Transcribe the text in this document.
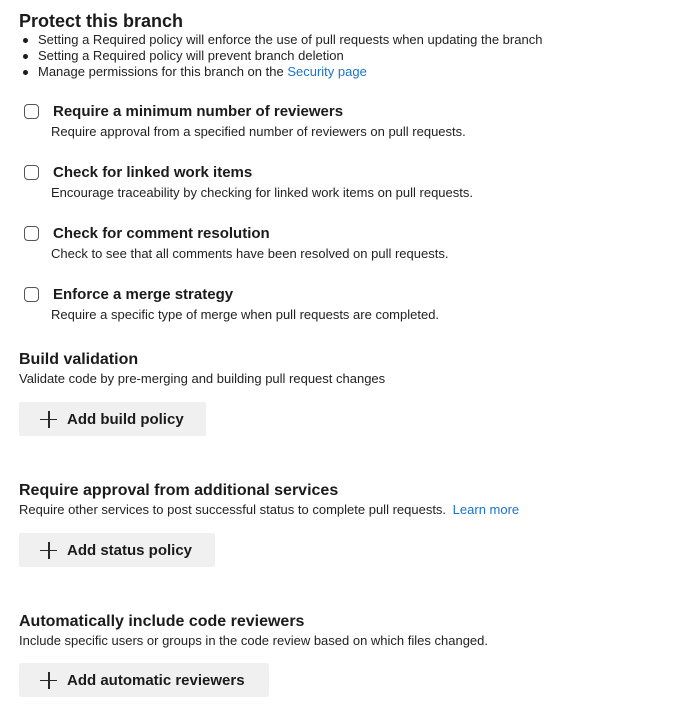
Protect this branch
Setting a Required policy will enforce the use of pull requests when updating the branch
Setting a Required policy will prevent branch deletion
Manage permissions for this branch on the Security page
Require a minimum number of reviewers
Require approval from a specified number of reviewers on pull requests.
Check for linked work items
Encourage traceability by checking for linked work items on pull requests.
Check for comment resolution
Check to see that all comments have been resolved on pull requests.
Enforce a merge strategy
Require a specific type of merge when pull requests are completed.
Build validation
Validate code by pre-merging and building pull request changes
Add build policy
Require approval from additional services
Require other services to post successful status to complete pull requests. Learn more
Add status policy
Automatically include code reviewers
Include specific users or groups in the code review based on which files changed.
Add automatic reviewers
